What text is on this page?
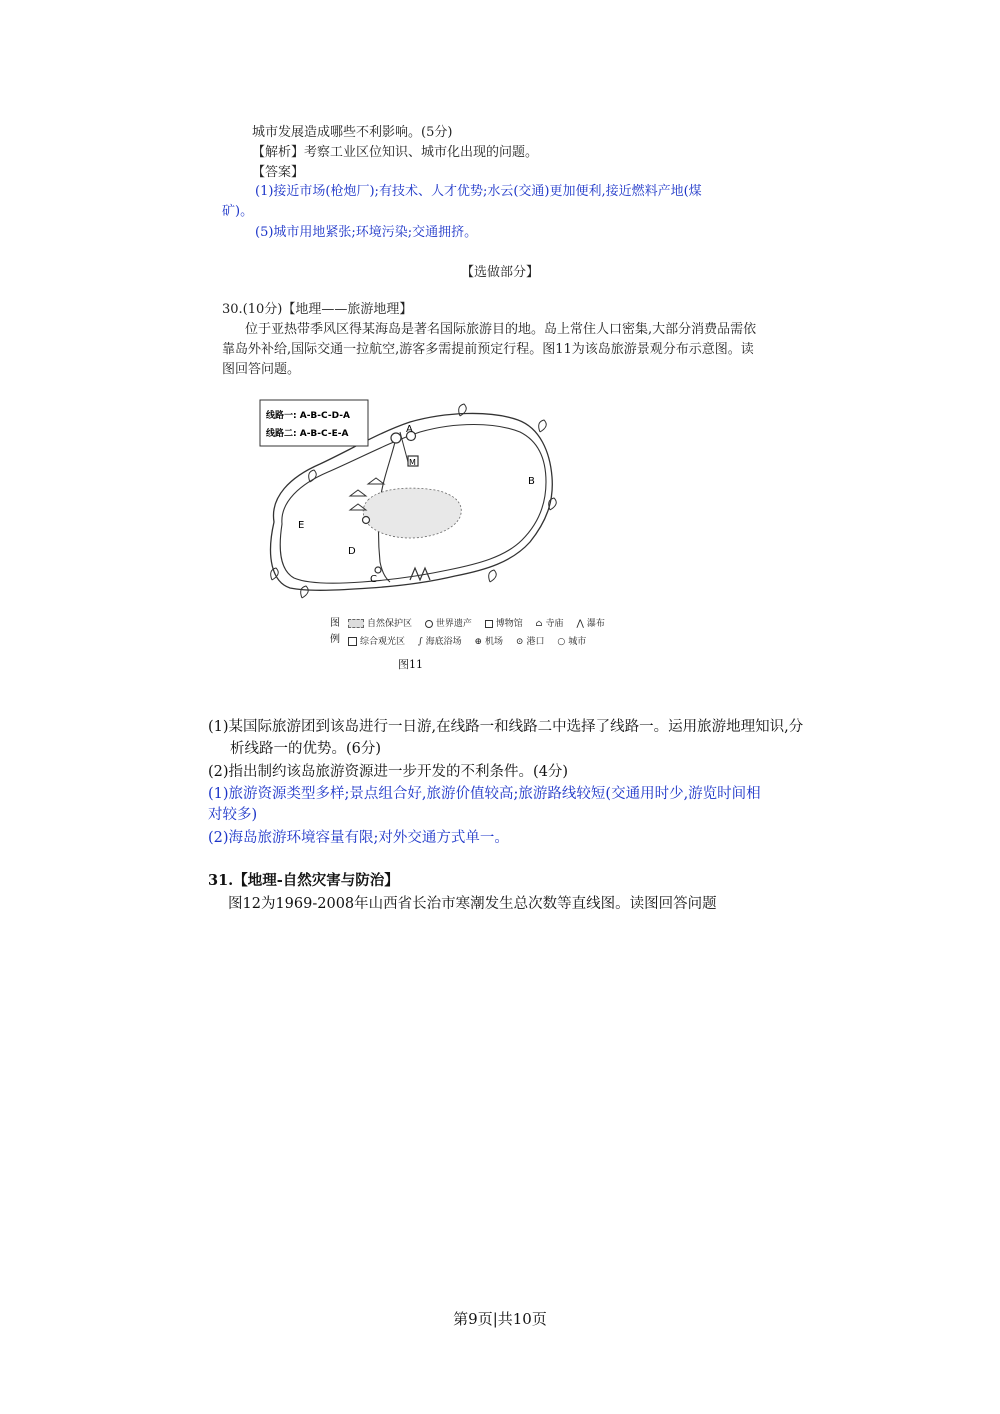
城市发展造成哪些不利影响。(5分)
【解析】考察工业区位知识、城市化出现的问题。
【答案】
(1)接近市场(枪炮厂);有技术、人才优势;水云(交通)更加便利,接近燃料产地(煤
矿)。
(5)城市用地紧张;环境污染;交通拥挤。
【选做部分】
30.(10分)【地理——旅游地理】
位于亚热带季风区得某海岛是著名国际旅游目的地。岛上常住人口密集,大部分消费品需依
靠岛外补给,国际交通一拉航空,游客多需提前预定行程。图11为该岛旅游景观分布示意图。读
图回答问题。
线路一: A-B-C-D-A
线路二: A-B-C-E-A	A
B
C
D
E
M
图
例
自然保护区	世界遗产	博物馆 ⌂ 寺庙 ⋀ 瀑布
综合观光区 ∫ 海底浴场 ⊕ 机场 ⊙ 港口 ○ 城市
图11
(1)某国际旅游团到该岛进行一日游,在线路一和线路二中选择了线路一。运用旅游地理知识,分
析线路一的优势。(6分)
(2)指出制约该岛旅游资源进一步开发的不利条件。(4分)
(1)旅游资源类型多样;景点组合好,旅游价值较高;旅游路线较短(交通用时少,游览时间相
对较多)
(2)海岛旅游环境容量有限;对外交通方式单一。
31.【地理-自然灾害与防治】
图12为1969-2008年山西省长治市寒潮发生总次数等直线图。读图回答问题
第9页|共10页
